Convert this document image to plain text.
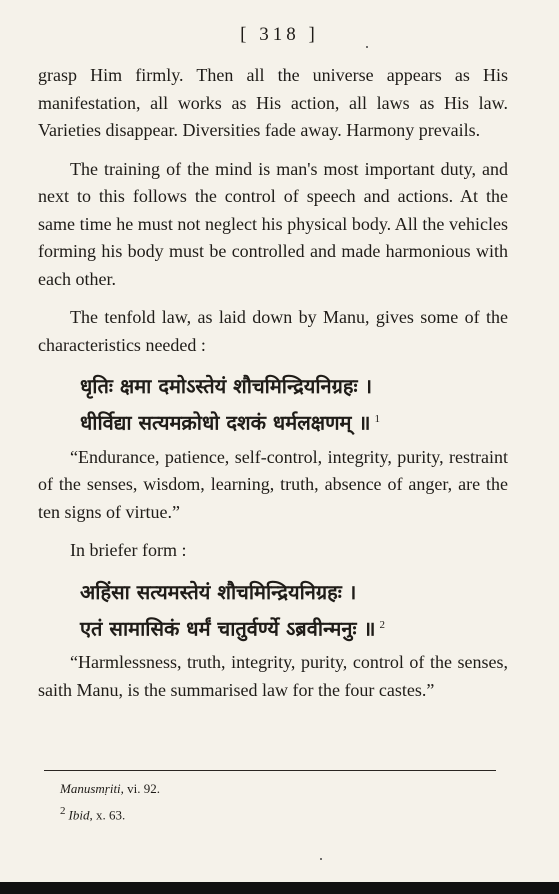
[ 318 ]

grasp Him firmly. Then all the universe appears as His manifestation, all works as His action, all laws as His law. Varieties disappear. Diversities fade away. Harmony prevails.

The training of the mind is man's most important duty, and next to this follows the control of speech and actions. At the same time he must not neglect his physical body. All the vehicles forming his body must be controlled and made harmonious with each other.

The tenfold law, as laid down by Manu, gives some of the characteristics needed :

धृतिः क्षमा दमोऽस्तेयं शौचमिन्द्रियनिग्रहः ।
धीर्विद्या सत्यमक्रोधो दशकं धर्मलक्षणम् ॥ $^1$

“Endurance, patience, self-control, integrity, purity, restraint of the senses, wisdom, learning, truth, absence of anger, are the ten signs of virtue.”

In briefer form :

अहिंसा सत्यमस्तेयं शौचमिन्द्रियनिग्रहः ।
एतं सामासिकं धर्मं चातुर्वर्ण्ये ऽब्रवीन्मनुः ॥ $^2$

“Harmlessness, truth, integrity, purity, control of the senses, saith Manu, is the summarised law for the four castes.”

Manusmṛiti, vi. 92.
$^2$ Ibid, x. 63.
